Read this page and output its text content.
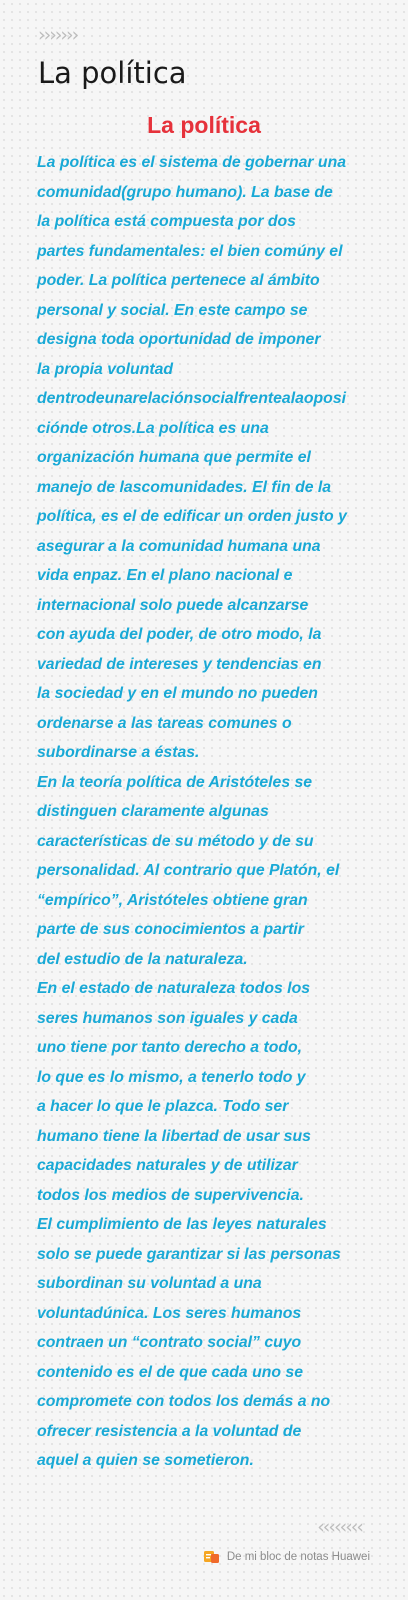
›››››››
La política
La política

La política es el sistema de gobernar una
comunidad(grupo humano). La base de
la política está compuesta por dos
partes fundamentales: el bien comúny el
poder. La política pertenece al ámbito
personal y social. En este campo se
designa toda oportunidad de imponer
la propia voluntad
dentrodeunarelaciónsocialfrentealaoposi
ciónde otros.La política es una
organización humana que permite el
manejo de lascomunidades. El fin de la
política, es el de edificar un orden justo y
asegurar a la comunidad humana una
vida enpaz. En el plano nacional e
internacional solo puede alcanzarse
con ayuda del poder, de otro modo, la
variedad de intereses y tendencias en
la sociedad y en el mundo no pueden
ordenarse a las tareas comunes o
subordinarse a éstas.

En la teoría política de Aristóteles se
distinguen claramente algunas
características de su método y de su
personalidad. Al contrario que Platón, el
“empírico”, Aristóteles obtiene gran
parte de sus conocimientos a partir
del estudio de la naturaleza.

En el estado de naturaleza todos los
seres humanos son iguales y cada
uno tiene por tanto derecho a todo,
lo que es lo mismo, a tenerlo todo y
a hacer lo que le plazca. Todo ser
humano tiene la libertad de usar sus
capacidades naturales y de utilizar
todos los medios de supervivencia.
El cumplimiento de las leyes naturales
solo se puede garantizar si las personas
subordinan su voluntad a una
voluntadúnica. Los seres humanos
contraen un “contrato social” cuyo
contenido es el de que cada uno se
compromete con todos los demás a no
ofrecer resistencia a la voluntad de
aquel a quien se sometieron.

‹‹‹‹‹‹‹‹
De mi bloc de notas Huawei
